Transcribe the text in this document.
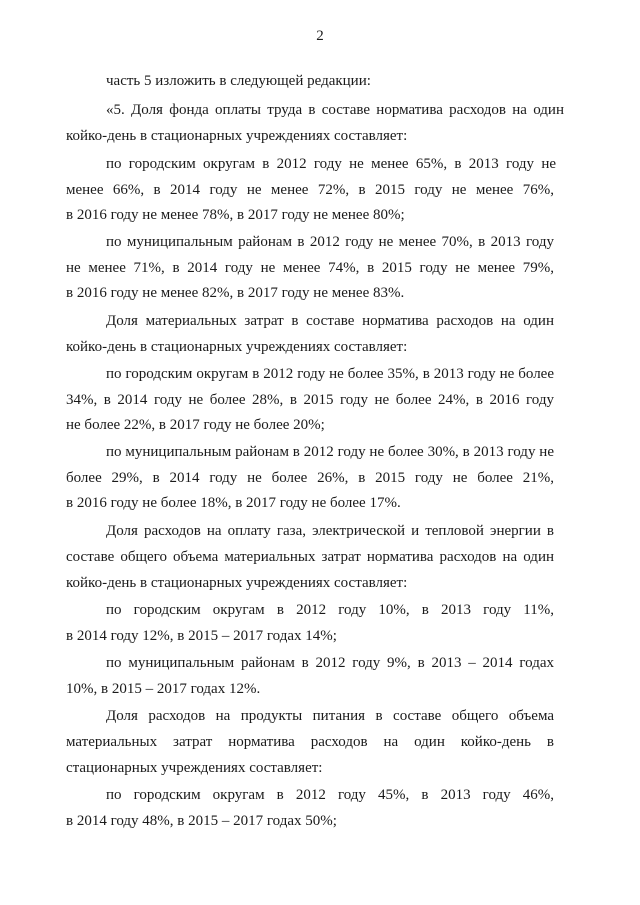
2
часть 5 изложить в следующей редакции:
«5. Доля фонда оплаты труда в составе норматива расходов на один
койко-день в стационарных учреждениях составляет:
по городским округам в 2012 году не менее 65%, в 2013 году не
менее 66%, в 2014 году не менее 72%, в 2015 году не менее 76%,
в 2016 году не менее 78%, в 2017 году не менее 80%;
по муниципальным районам в 2012 году не менее 70%, в 2013 году
не менее 71%, в 2014 году не менее 74%, в 2015 году не менее 79%,
в 2016 году не менее 82%, в 2017 году не менее 83%.
Доля материальных затрат в составе норматива расходов на один
койко-день в стационарных учреждениях составляет:
по городским округам в 2012 году не более 35%, в 2013 году не более
34%, в 2014 году не более 28%, в 2015 году не более 24%, в 2016 году
не более 22%, в 2017 году не более 20%;
по муниципальным районам в 2012 году не более 30%, в 2013 году не
более 29%, в 2014 году не более 26%, в 2015 году не более 21%,
в 2016 году не более 18%, в 2017 году не более 17%.
Доля расходов на оплату газа, электрической и тепловой энергии в
составе общего объема материальных затрат норматива расходов на один
койко-день в стационарных учреждениях составляет:
по городским округам в 2012 году 10%, в 2013 году 11%,
в 2014 году 12%, в 2015 – 2017 годах 14%;
по муниципальным районам в 2012 году 9%, в 2013 – 2014 годах
10%, в 2015 – 2017 годах 12%.
Доля расходов на продукты питания в составе общего объема
материальных затрат норматива расходов на один койко-день в
стационарных учреждениях составляет:
по городским округам в 2012 году 45%, в 2013 году 46%,
в 2014 году 48%, в 2015 – 2017 годах 50%;
